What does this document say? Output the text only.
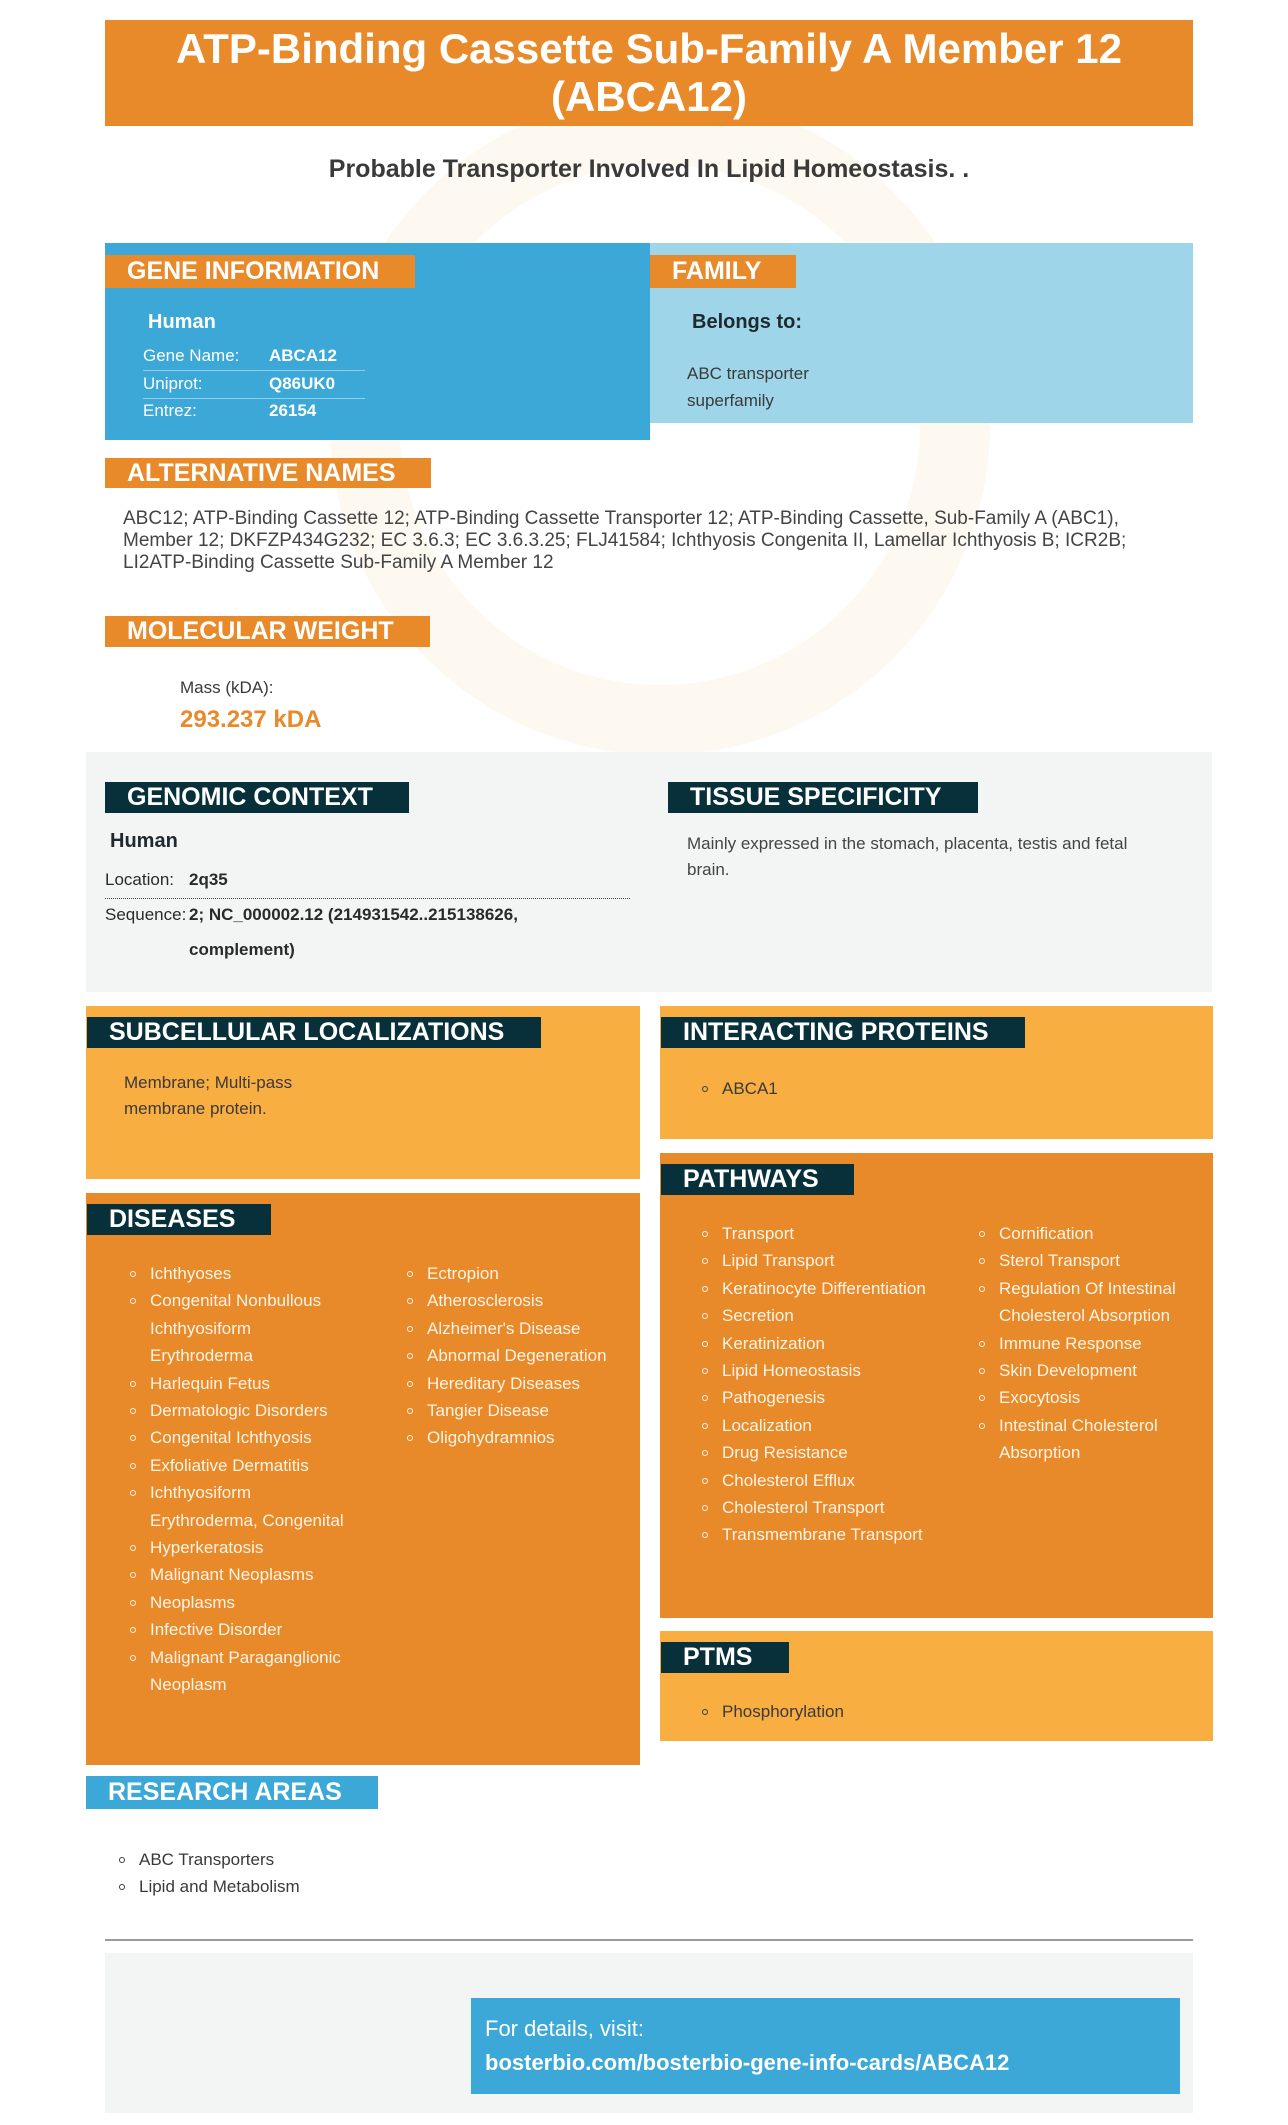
ATP-Binding Cassette Sub-Family A Member 12 (ABCA12)
Probable Transporter Involved In Lipid Homeostasis. .
GENE INFORMATION
Human
Gene Name: ABCA12
Uniprot:	Q86UK0
Entrez:	26154
FAMILY
Belongs to:
ABC transporter
superfamily
ALTERNATIVE NAMES
ABC12; ATP-Binding Cassette 12; ATP-Binding Cassette Transporter 12; ATP-Binding Cassette, Sub-Family A (ABC1), Member 12; DKFZP434G232; EC 3.6.3; EC 3.6.3.25; FLJ41584; Ichthyosis Congenita II, Lamellar Ichthyosis B; ICR2B; LI2ATP-Binding Cassette Sub-Family A Member 12
MOLECULAR WEIGHT
Mass (kDA):
293.237 kDA
GENOMIC CONTEXT
Human
Location: 2q35
Sequence: 2; NC_000002.12 (214931542..215138626,
complement)
TISSUE SPECIFICITY
Mainly expressed in the stomach, placenta, testis and fetal
brain.
SUBCELLULAR LOCALIZATIONS
Membrane; Multi-pass
membrane protein.
INTERACTING PROTEINS
ABCA1
DISEASES
Ichthyoses
Congenital Nonbullous Ichthyosiform Erythroderma
Harlequin Fetus
Dermatologic Disorders
Congenital Ichthyosis
Exfoliative Dermatitis
Ichthyosiform Erythroderma, Congenital
Hyperkeratosis
Malignant Neoplasms
Neoplasms
Infective Disorder
Malignant Paraganglionic Neoplasm
Ectropion
Atherosclerosis
Alzheimer's Disease
Abnormal Degeneration
Hereditary Diseases
Tangier Disease
Oligohydramnios
PATHWAYS
Transport
Lipid Transport
Keratinocyte Differentiation
Secretion
Keratinization
Lipid Homeostasis
Pathogenesis
Localization
Drug Resistance
Cholesterol Efflux
Cholesterol Transport
Transmembrane Transport
Cornification
Sterol Transport
Regulation Of Intestinal Cholesterol Absorption
Immune Response
Skin Development
Exocytosis
Intestinal Cholesterol Absorption
PTMS
Phosphorylation
RESEARCH AREAS
ABC Transporters
Lipid and Metabolism
For details, visit:
bosterbio.com/bosterbio-gene-info-cards/ABCA12
